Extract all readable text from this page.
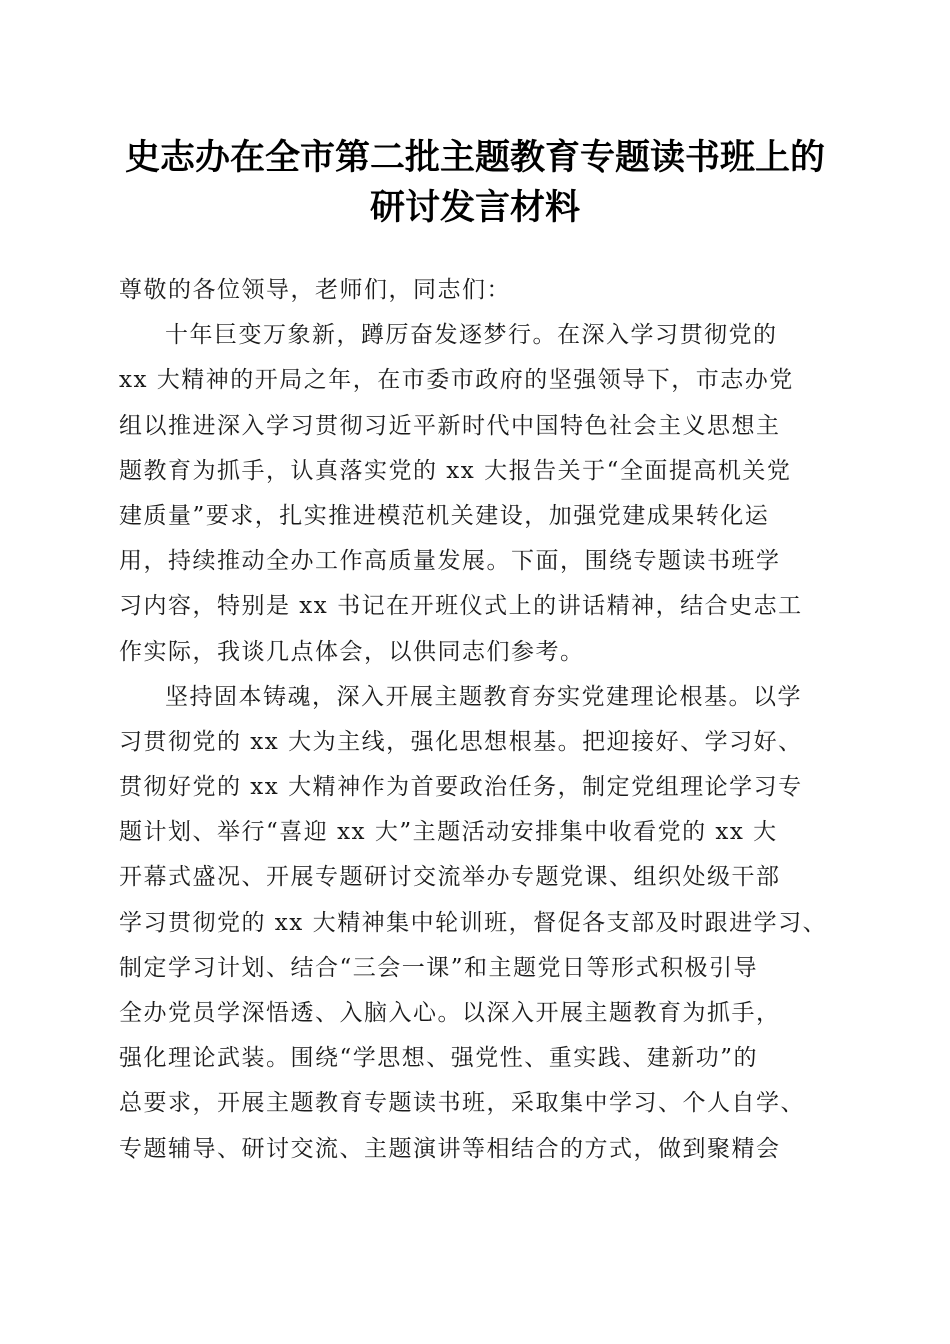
史志办在全市第二批主题教育专题读书班上的
研讨发言材料
尊敬的各位领导，老师们，同志们：
十年巨变万象新，蹲厉奋发逐梦行。在深入学习贯彻党的
xx 大精神的开局之年，在市委市政府的坚强领导下，市志办党
组以推进深入学习贯彻习近平新时代中国特色社会主义思想主
题教育为抓手，认真落实党的 xx 大报告关于“全面提高机关党
建质量”要求，扎实推进模范机关建设，加强党建成果转化运
用，持续推动全办工作高质量发展。下面，围绕专题读书班学
习内容，特别是 xx 书记在开班仪式上的讲话精神，结合史志工
作实际，我谈几点体会，以供同志们参考。
坚持固本铸魂，深入开展主题教育夯实党建理论根基。以学
习贯彻党的 xx 大为主线，强化思想根基。把迎接好、学习好、
贯彻好党的 xx 大精神作为首要政治任务，制定党组理论学习专
题计划、举行“喜迎 xx 大”主题活动安排集中收看党的 xx 大
开幕式盛况、开展专题研讨交流举办专题党课、组织处级干部
学习贯彻党的 xx 大精神集中轮训班，督促各支部及时跟进学习、
制定学习计划、结合“三会一课”和主题党日等形式积极引导
全办党员学深悟透、入脑入心。以深入开展主题教育为抓手，
强化理论武装。围绕“学思想、强党性、重实践、建新功”的
总要求，开展主题教育专题读书班，采取集中学习、个人自学、
专题辅导、研讨交流、主题演讲等相结合的方式，做到聚精会
